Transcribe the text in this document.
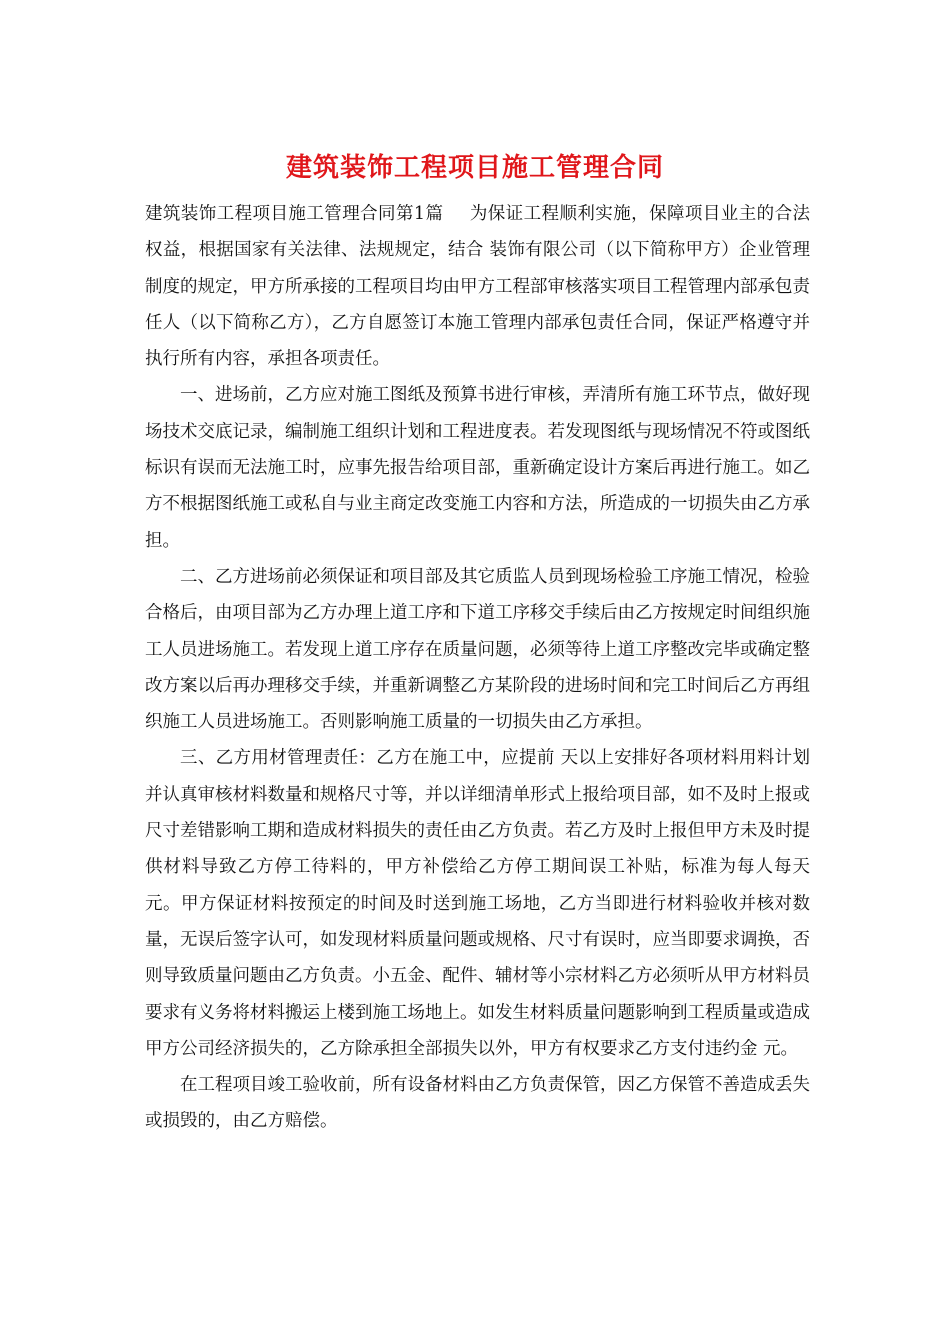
建筑装饰工程项目施工管理合同

建筑装饰工程项目施工管理合同第1篇 为保证工程顺利实施，保障项目业主的合法权益，根据国家有关法律、法规规定，结合 装饰有限公司（以下简称甲方）企业管理制度的规定，甲方所承接的工程项目均由甲方工程部审核落实项目工程管理内部承包责任人（以下简称乙方），乙方自愿签订本施工管理内部承包责任合同，保证严格遵守并执行所有内容，承担各项责任。

一、进场前，乙方应对施工图纸及预算书进行审核，弄清所有施工环节点，做好现场技术交底记录，编制施工组织计划和工程进度表。若发现图纸与现场情况不符或图纸标识有误而无法施工时，应事先报告给项目部，重新确定设计方案后再进行施工。如乙方不根据图纸施工或私自与业主商定改变施工内容和方法，所造成的一切损失由乙方承担。

二、乙方进场前必须保证和项目部及其它质监人员到现场检验工序施工情况，检验合格后，由项目部为乙方办理上道工序和下道工序移交手续后由乙方按规定时间组织施工人员进场施工。若发现上道工序存在质量问题，必须等待上道工序整改完毕或确定整改方案以后再办理移交手续，并重新调整乙方某阶段的进场时间和完工时间后乙方再组织施工人员进场施工。否则影响施工质量的一切损失由乙方承担。

三、乙方用材管理责任：乙方在施工中，应提前 天以上安排好各项材料用料计划并认真审核材料数量和规格尺寸等，并以详细清单形式上报给项目部，如不及时上报或尺寸差错影响工期和造成材料损失的责任由乙方负责。若乙方及时上报但甲方未及时提供材料导致乙方停工待料的，甲方补偿给乙方停工期间误工补贴，标准为每人每天 元。甲方保证材料按预定的时间及时送到施工场地，乙方当即进行材料验收并核对数量，无误后签字认可，如发现材料质量问题或规格、尺寸有误时，应当即要求调换，否则导致质量问题由乙方负责。小五金、配件、辅材等小宗材料乙方必须听从甲方材料员要求有义务将材料搬运上楼到施工场地上。如发生材料质量问题影响到工程质量或造成甲方公司经济损失的，乙方除承担全部损失以外，甲方有权要求乙方支付违约金 元。

在工程项目竣工验收前，所有设备材料由乙方负责保管，因乙方保管不善造成丢失或损毁的，由乙方赔偿。
